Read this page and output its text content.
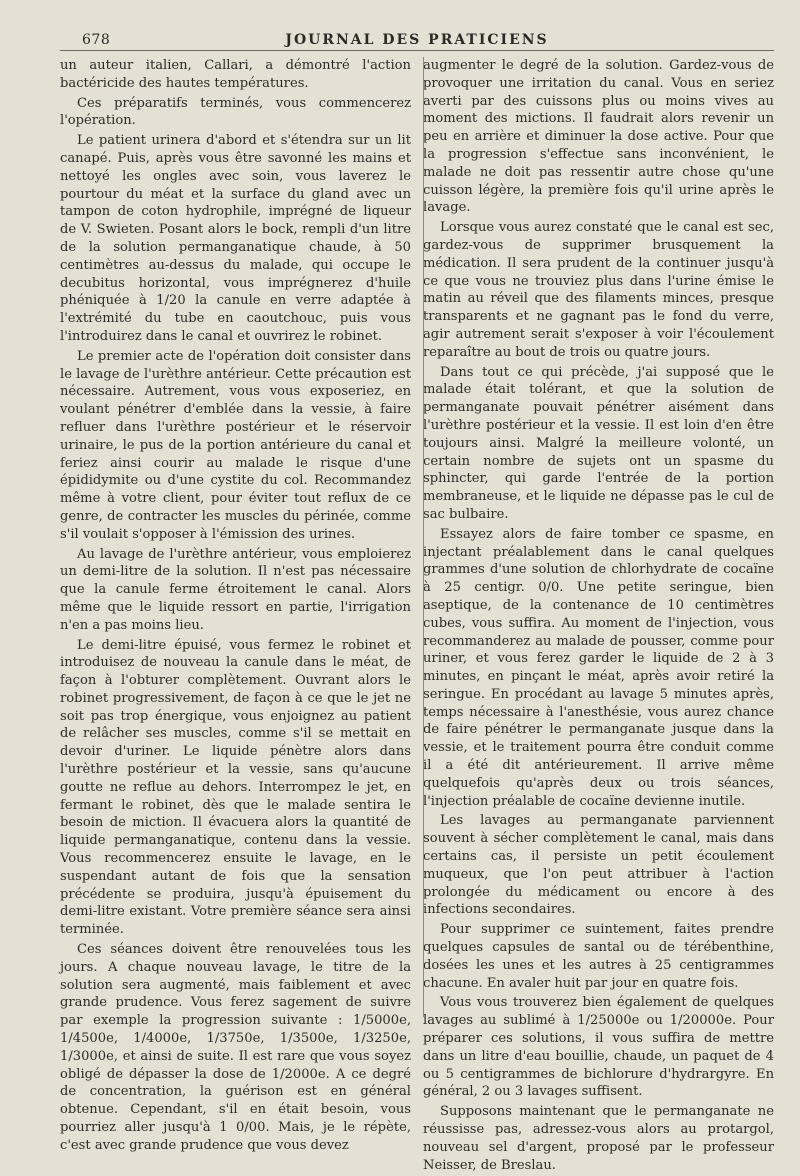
678	JOURNAL DES PRATICIENS

un auteur italien, Callari, a démontré l'action bactéricide des hautes températures.

Ces préparatifs terminés, vous commencerez l'opération.

Le patient urinera d'abord et s'étendra sur un lit canapé. Puis, après vous être savonné les mains et nettoyé les ongles avec soin, vous laverez le pourtour du méat et la surface du gland avec un tampon de coton hydrophile, imprégné de liqueur de V. Swieten. Posant alors le bock, rempli d'un litre de la solution permanganatique chaude, à 50 centimètres au-dessus du malade, qui occupe le decubitus horizontal, vous imprégnerez d'huile phéniquée à 1/20 la canule en verre adaptée à l'extrémité du tube en caoutchouc, puis vous l'introduirez dans le canal et ouvrirez le robinet.

Le premier acte de l'opération doit consister dans le lavage de l'urèthre antérieur. Cette précaution est nécessaire. Autrement, vous vous exposeriez, en voulant pénétrer d'emblée dans la vessie, à faire refluer dans l'urèthre postérieur et le réservoir urinaire, le pus de la portion antérieure du canal et feriez ainsi courir au malade le risque d'une épididymite ou d'une cystite du col. Recommandez même à votre client, pour éviter tout reflux de ce genre, de contracter les muscles du périnée, comme s'il voulait s'opposer à l'émission des urines.

Au lavage de l'urèthre antérieur, vous emploierez un demi-litre de la solution. Il n'est pas nécessaire que la canule ferme étroitement le canal. Alors même que le liquide ressort en partie, l'irrigation n'en a pas moins lieu.

Le demi-litre épuisé, vous fermez le robinet et introduisez de nouveau la canule dans le méat, de façon à l'obturer complètement. Ouvrant alors le robinet progressivement, de façon à ce que le jet ne soit pas trop énergique, vous enjoignez au patient de relâcher ses muscles, comme s'il se mettait en devoir d'uriner. Le liquide pénètre alors dans l'urèthre postérieur et la vessie, sans qu'aucune goutte ne reflue au dehors. Interrompez le jet, en fermant le robinet, dès que le malade sentira le besoin de miction. Il évacuera alors la quantité de liquide permanganatique, contenu dans la vessie. Vous recommencerez ensuite le lavage, en le suspendant autant de fois que la sensation précédente se produira, jusqu'à épuisement du demi-litre existant. Votre première séance sera ainsi terminée.

Ces séances doivent être renouvelées tous les jours. A chaque nouveau lavage, le titre de la solution sera augmenté, mais faiblement et avec grande prudence. Vous ferez sagement de suivre par exemple la progression suivante : 1/5000e, 1/4500e, 1/4000e, 1/3750e, 1/3500e, 1/3250e, 1/3000e, et ainsi de suite. Il est rare que vous soyez obligé de dépasser la dose de 1/2000e. A ce degré de concentration, la guérison est en général obtenue. Cependant, s'il en était besoin, vous pourriez aller jusqu'à 1 0/00. Mais, je le répète, c'est avec grande prudence que vous devez

augmenter le degré de la solution. Gardez-vous de provoquer une irritation du canal. Vous en seriez averti par des cuissons plus ou moins vives au moment des mictions. Il faudrait alors revenir un peu en arrière et diminuer la dose active. Pour que la progression s'effectue sans inconvénient, le malade ne doit pas ressentir autre chose qu'une cuisson légère, la première fois qu'il urine après le lavage.

Lorsque vous aurez constaté que le canal est sec, gardez-vous de supprimer brusquement la médication. Il sera prudent de la continuer jusqu'à ce que vous ne trouviez plus dans l'urine émise le matin au réveil que des filaments minces, presque transparents et ne gagnant pas le fond du verre, agir autrement serait s'exposer à voir l'écoulement reparaître au bout de trois ou quatre jours.

Dans tout ce qui précède, j'ai supposé que le malade était tolérant, et que la solution de permanganate pouvait pénétrer aisément dans l'urèthre postérieur et la vessie. Il est loin d'en être toujours ainsi. Malgré la meilleure volonté, un certain nombre de sujets ont un spasme du sphincter, qui garde l'entrée de la portion membraneuse, et le liquide ne dépasse pas le cul de sac bulbaire.

Essayez alors de faire tomber ce spasme, en injectant préalablement dans le canal quelques grammes d'une solution de chlorhydrate de cocaïne à 25 centigr. 0/0. Une petite seringue, bien aseptique, de la contenance de 10 centimètres cubes, vous suffira. Au moment de l'injection, vous recommanderez au malade de pousser, comme pour uriner, et vous ferez garder le liquide de 2 à 3 minutes, en pinçant le méat, après avoir retiré la seringue. En procédant au lavage 5 minutes après, temps nécessaire à l'anesthésie, vous aurez chance de faire pénétrer le permanganate jusque dans la vessie, et le traitement pourra être conduit comme il a été dit antérieurement. Il arrive même quelquefois qu'après deux ou trois séances, l'injection préalable de cocaïne devienne inutile.

Les lavages au permanganate parviennent souvent à sécher complètement le canal, mais dans certains cas, il persiste un petit écoulement muqueux, que l'on peut attribuer à l'action prolongée du médicament ou encore à des infections secondaires.

Pour supprimer ce suintement, faites prendre quelques capsules de santal ou de térébenthine, dosées les unes et les autres à 25 centigrammes chacune. En avaler huit par jour en quatre fois.

Vous vous trouverez bien également de quelques lavages au sublimé à 1/25000e ou 1/20000e. Pour préparer ces solutions, il vous suffira de mettre dans un litre d'eau bouillie, chaude, un paquet de 4 ou 5 centigrammes de bichlorure d'hydrargyre. En général, 2 ou 3 lavages suffisent.

Supposons maintenant que le permanganate ne réussisse pas, adressez-vous alors au protargol, nouveau sel d'argent, proposé par le professeur Neisser, de Breslau.
